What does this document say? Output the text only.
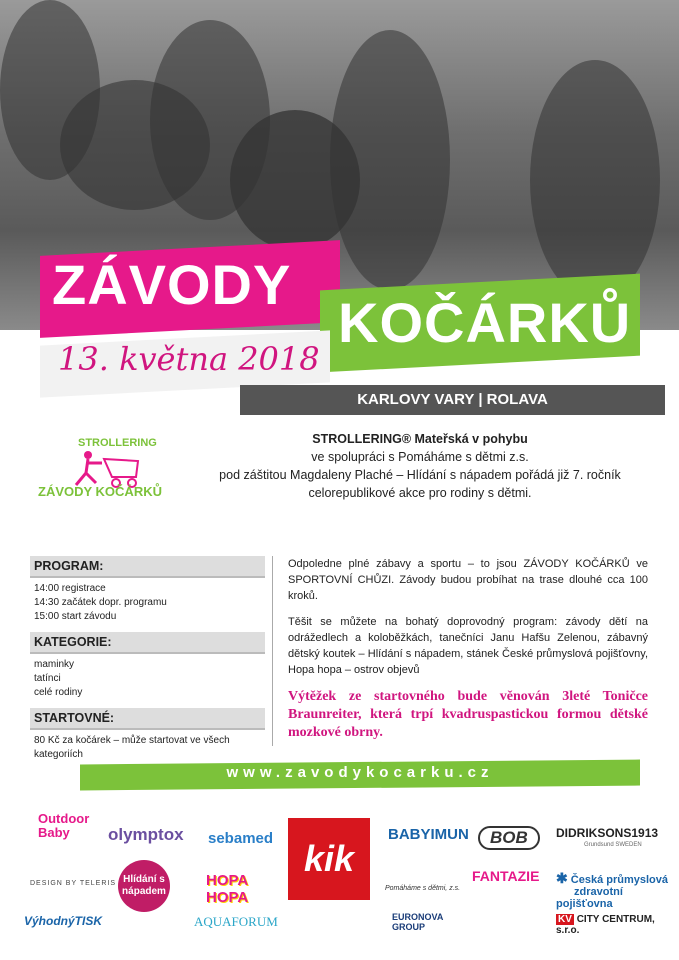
ZÁVODY
KOČÁRKŮ
13. května 2018
KARLOVY VARY | ROLAVA
STROLLERING
ZÁVODY KOČÁRKŮ
STROLLERING® Mateřská v pohybu
ve spolupráci s Pomáháme s dětmi z.s.
pod záštitou Magdaleny Plaché – Hlídání s nápadem pořádá již 7. ročník
celorepublikové akce pro rodiny s dětmi.
PROGRAM:
14:00 registrace
14:30 začátek dopr. programu
15:00 start závodu
KATEGORIE:
maminky
tatínci
celé rodiny
STARTOVNÉ:
80 Kč za kočárek – může startovat ve všech kategoriích

Odpoledne plné zábavy a sportu – to jsou ZÁVODY KOČÁRKŮ ve SPORTOVNÍ CHŮZI. Závody budou probíhat na trase dlouhé cca 100 kroků.

Těšit se můžete na bohatý doprovodný program: závody dětí na odrážedlech a koloběžkách, tanečníci Janu Hafšu Zelenou, zábavný dětský koutek – Hlídání s nápadem, stánek České průmyslová pojišťovny, Hopa hopa – ostrov objevů

Výtěžek ze startovného bude věnován 3leté Toničce Braunreiter, která trpí kvadruspastickou formou dětské mozkové obrny.

www.zavodykocarku.cz
Outdoor Baby	olymptox sebamed kik
BABYIMUN	BOB	DIDRIKSONS1913
Grundsund SWEDEN
DESIGN BY TELERIS Hlídání s nápadem
HOPA HOPA
Pomáháme s dětmi, z.s.
FANTAZIE ✱ Česká průmyslová
zdravotní pojišťovna
VýhodnýTISK	AQUAFORUM	EURONOVA GROUP
KV CITY CENTRUM, s.r.o.
